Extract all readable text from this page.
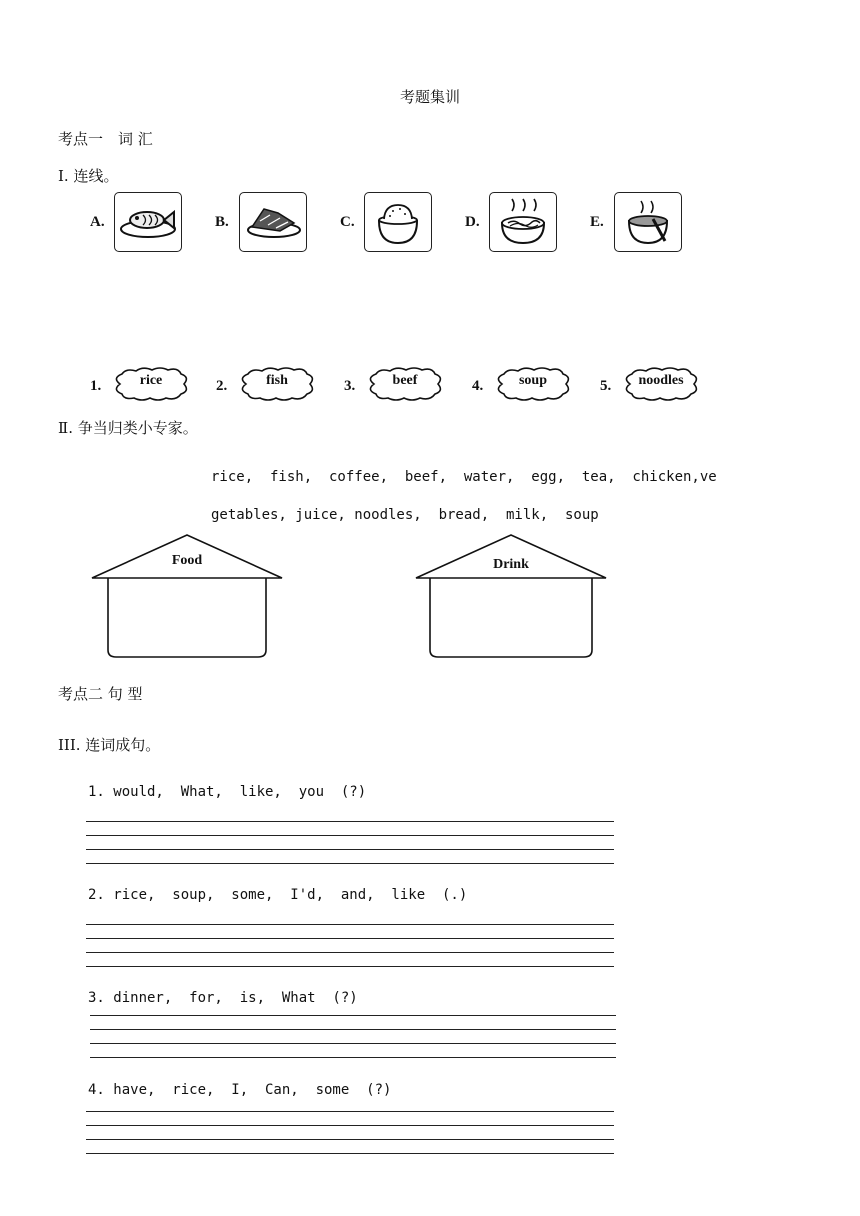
考题集训
考点一　词 汇
Ⅰ. 连线。
A.	B.	C.	D.	E.
1.	rice	2.	fish	3.	beef	4.	soup	5.	noodles
Ⅱ. 争当归类小专家。
rice,  fish,  coffee,  beef,  water,  egg,  tea,  chicken,ve
getables, juice, noodles,  bread,  milk,  soup
Food	Drink
考点二 句 型
III. 连词成句。
1. would,  What,  like,  you  (?)
2. rice,  soup,  some,  I'd,  and,  like  (.)
3. dinner,  for,  is,  What  (?)
4. have,  rice,  I,  Can,  some  (?)
